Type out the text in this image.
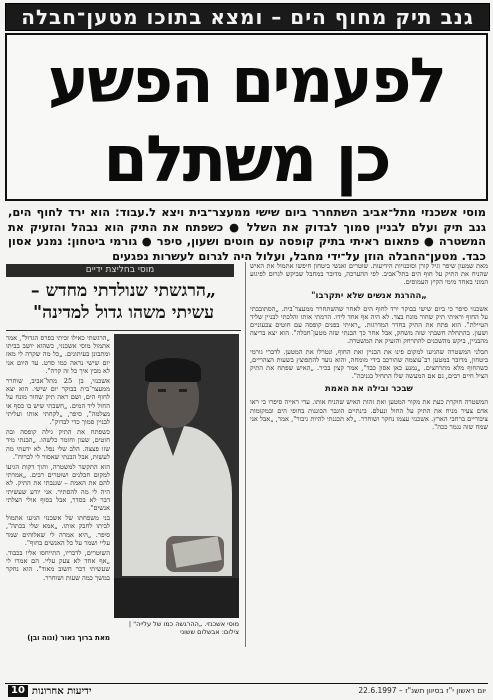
גנב תיק מחוף הים – ומצא בתוכו מטען־חבלה
לפעמים הפשע
כן משתלם

מוסי אשכנזי מתל־אביב השתחרר ביום שישי ממעצר־בית ויצא ל.עבוד: הוא ירד לחוף הים, גנב תיק ועלם לבניין סמוך לבדוק את השלל ● כשפתח את התיק הוא נבהל והזעיק את המשטרה ● פתאום ראיתי בתיק קופסה עם חוטים ושעון, סיפר ● גורמי ביטחון: נמנע אסון כבד. מטען־החבלה הוזן על־ידי מחבל, ועלול היה לגרום לעשרות נפגעים

מוסי בחליצת ידיים
„הרגשתי שנולדתי מחדש –
עשיתי משהו גדול למדינה"

„הרגשתי כאילו זכיתי בפרס הגדול", אמר אתמול מוסי אשכנזי, כשהוא יושב בביתו ומתבונן בעיתונים. „כל מה שקרה לי מאז יום שישי נראה כמו סרט. עד היום אני לא מבין איך כל זה קרה".

אשכנזי, בן 25 מתל־אביב, שוחרר ממעצר־בית בבוקר יום שישי. הוא יצא לחוף הים, ושם ראה תיק שחור מונח על החול ליד המים. „חשבתי שיש בו כסף או מצלמה", סיפר, „לקחתי אותו ועליתי לבניין סמוך כדי לבדוק".

כשפתח את התיק גילה קופסה ובה חוטים, שעון וחומר כלשהו. „הבנתי מיד שזו פצצה. הלב שלי נפל. לא ידעתי מה לעשות, אבל הבנתי שאסור לי לברוח".

הוא התקשר למשטרה, ותוך דקות הגיעו למקום חבלנים ושוטרים רבים. „אמרתי להם את האמת – שגנבתי את התיק. לא היה לי מה להסתיר. אני יודע שעשיתי דבר לא בסדר, אבל בסוף אולי הצלתי אנשים".

בני משפחתו של אשכנזי הגיעו אתמול לביתו לחבק אותו. „אמא שלי בכתה", סיפר. „היא אמרה לי שאלוהים שמר עליי ושמר על כל האנשים בחוף".

השוטרים, לדבריו, התייחסו אליו בכבוד. „אף אחד לא צעק עליי. הם אמרו לי שעשיתי דבר חשוב מאוד". הוא נחקר במשך כמה שעות ושוחרר.

מאת ברוך נאור (ונוה ובן)
מוסי אשכנזי. „ההרגשה כמו של עלייה" | צילום: אבשלום ששוני

מאת שמעון שיפר וגיל קורן וסוכנויות הידיעות. שוטרים ואנשי ביטחון חיפשו אתמול את האיש שהניח את התיק על חוף הים בתל־אביב. לפי ההערכה, מדובר במחבל שביקש לגרום לפיגוע המוני באחד מימי הקיץ העמוסים.

„ההרגת אנשים שלא יתקרבו"

אשכנזי סיפר כי ביום שישי בבוקר ירד לחוף הים לאחר שהשתחרר ממעצר־בית. „הסתובבתי על החוף וראיתי תיק שחור מונח בצד. לא היה אף אחד לידו. הרמתי אותו והלכתי לבניין שליד הטיילת". הוא פתח את התיק בחדר המדרגות. „ראיתי בפנים קופסה עם חוטים צבעוניים ושעון. בהתחלה חשבתי שזה משחק, אבל אחר כך הבנתי שזה מטען־חבלה". הוא יצא בריצה מהבניין, ביקש מהשכנים להתרחק והזעיק את המשטרה.

חבלני המשטרה שהגיעו למקום פינו את הבניין ואת החוף, ונטרלו את המטען. לדברי גורמי ביטחון, מדובר במטען רב־עוצמה שהורכב בידי מומחה, והוא נועד להתפוצץ בשעות הצהריים, כשהחוף מלא מתרחצים. „נמנע כאן אסון כבד", אמר קצין בכיר. „האיש שפתח את התיק הציל חיים רבים, גם אם המעשה שלו התחיל בגניבה".

שבכר ובילה את האמת

המשטרה חוקרת כעת את מקור המטען ואת זהות האיש שהניח אותו. עדי ראייה סיפרו כי ראו אדם צעיר מניח את התיק על החול ונעלם. בינתיים הוגבר הכוננות בחופי הים ובמקומות ציבוריים ברחבי הארץ. אשכנזי עצמו נחקר ושוחרר. „לא תכננתי להיות גיבור", אמר, „אבל אני שמח שזה נגמר ככה".

10 ידיעות אחרונות	יום ראשון י"ז בסיוון תשנ"ז – 22.6.1997
